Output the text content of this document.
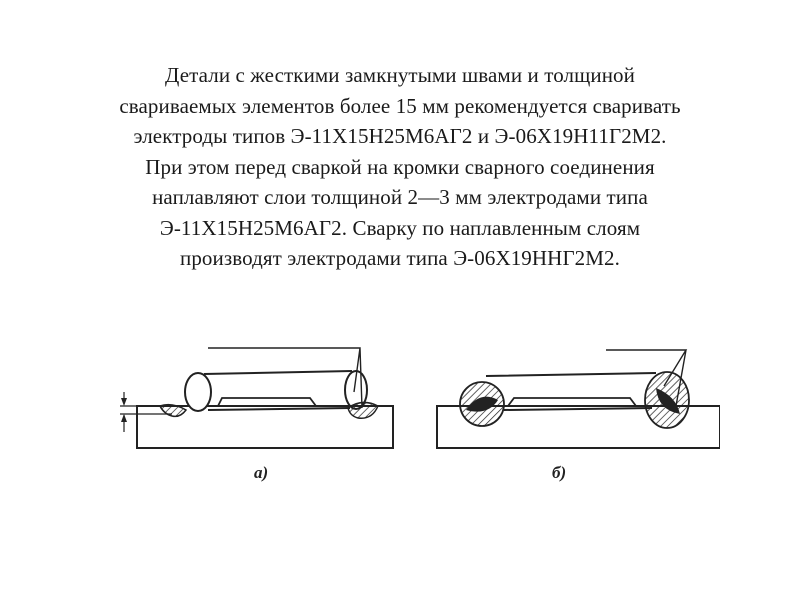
Детали с жесткими замкнутыми швами и толщиной
свариваемых элементов более 15 мм рекомендуется сваривать
электроды типов Э-11Х15Н25М6АГ2 и Э-06Х19Н11Г2М2.
При этом перед сваркой на кромки сварного соединения
наплавляют слои толщиной 2—3 мм электродами типа
Э-11Х15Н25М6АГ2. Сварку по наплавленным слоям
производят электродами типа Э-06Х19ННГ2М2.

а)	б)
